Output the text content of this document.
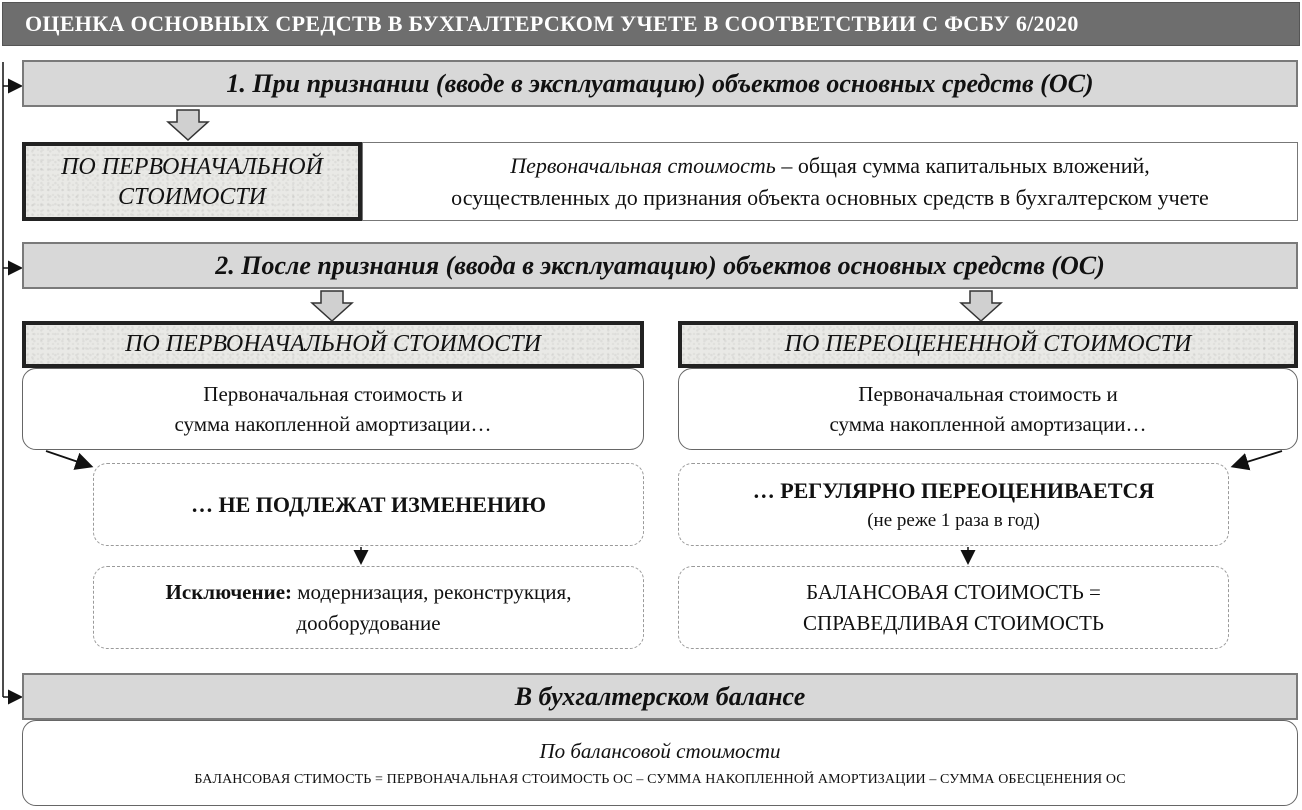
ОЦЕНКА ОСНОВНЫХ СРЕДСТВ В БУХГАЛТЕРСКОМ УЧЕТЕ В СООТВЕТСТВИИ С ФСБУ 6/2020
1. При признании (вводе в эксплуатацию) объектов основных средств (ОС)
ПО ПЕРВОНАЧАЛЬНОЙ
СТОИМОСТИ
Первоначальная стоимость – общая сумма капитальных вложений,
осуществленных до признания объекта основных средств в бухгалтерском учете
2. После признания (ввода в эксплуатацию) объектов основных средств (ОС)
ПО ПЕРВОНАЧАЛЬНОЙ СТОИМОСТИ
Первоначальная стоимость и
сумма накопленной амортизации…
… НЕ ПОДЛЕЖАТ ИЗМЕНЕНИЮ
Исключение: модернизация, реконструкция,
дооборудование
ПО ПЕРЕОЦЕНЕННОЙ СТОИМОСТИ
Первоначальная стоимость и
сумма накопленной амортизации…
… РЕГУЛЯРНО ПЕРЕОЦЕНИВАЕТСЯ
(не реже 1 раза в год)
БАЛАНСОВАЯ СТОИМОСТЬ =
СПРАВЕДЛИВАЯ СТОИМОСТЬ
В бухгалтерском балансе
По балансовой стоимости
БАЛАНСОВАЯ СТИМОСТЬ = ПЕРВОНАЧАЛЬНАЯ СТОИМОСТЬ ОС – СУММА НАКОПЛЕННОЙ АМОРТИЗАЦИИ – СУММА ОБЕСЦЕНЕНИЯ ОС
